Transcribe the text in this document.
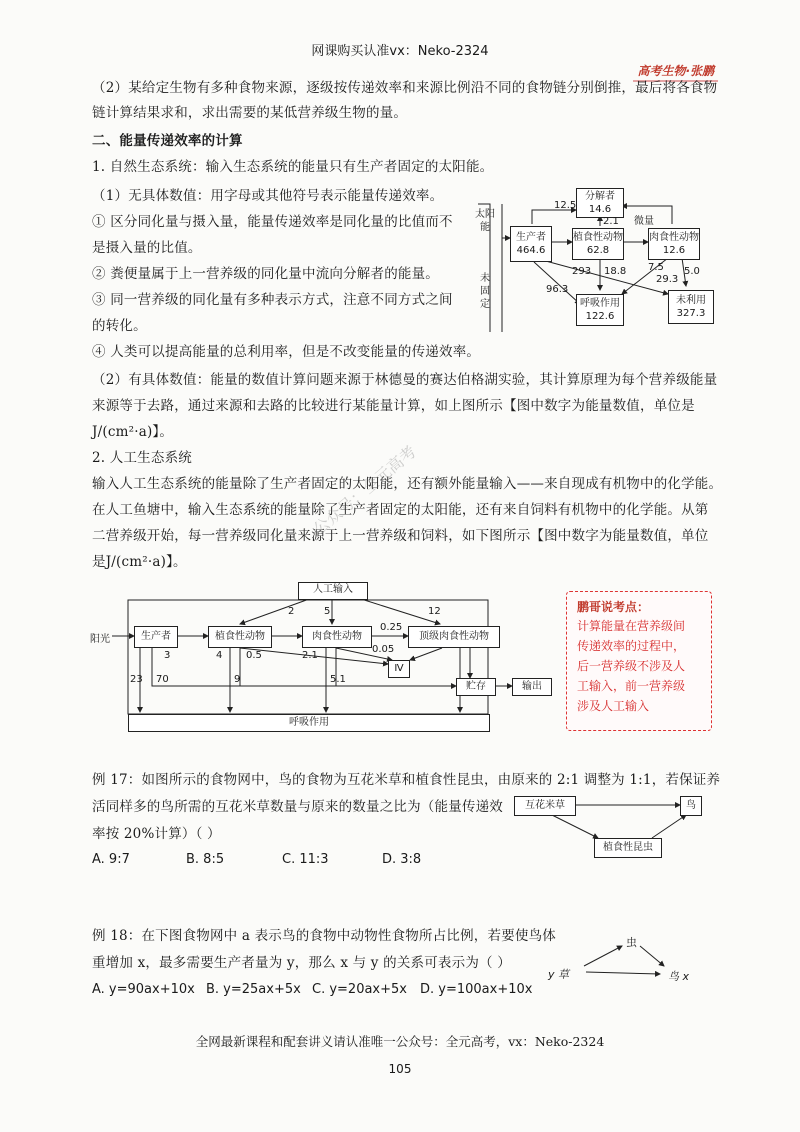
网课购买认准vx：Neko-2324
高考生物·张鹏
（2）某给定生物有多种食物来源，逐级按传递效率和来源比例沿不同的食物链分别倒推，最后将各食物
链计算结果求和，求出需要的某低营养级生物的量。
二、能量传递效率的计算
1. 自然生态系统：输入生态系统的能量只有生产者固定的太阳能。
（1）无具体数值：用字母或其他符号表示能量传递效率。
① 区分同化量与摄入量，能量传递效率是同化量的比值而不
是摄入量的比值。
② 粪便量属于上一营养级的同化量中流向分解者的能量。
③ 同一营养级的同化量有多种表示方式，注意不同方式之间
的转化。
④ 人类可以提高能量的总利用率，但是不改变能量的传递效率。
太阳能
未固定
生产者
464.6
分解者
14.6
植食性动物
62.8
肉食性动物
12.6
呼吸作用
122.6
未利用
327.3
12.5
2.1 微量
293 18.8
96.3
7.5
29.3
5.0
（2）有具体数值：能量的数值计算问题来源于林德曼的赛达伯格湖实验，其计算原理为每个营养级能量
来源等于去路，通过来源和去路的比较进行某能量计算，如上图所示【图中数字为能量数值，单位是
J/(cm²·a)】。
2. 人工生态系统
输入人工生态系统的能量除了生产者固定的太阳能，还有额外能量输入——来自现成有机物中的化学能。
在人工鱼塘中，输入生态系统的能量除了生产者固定的太阳能，还有来自饲料有机物中的化学能。从第
二营养级开始，每一营养级同化量来源于上一营养级和饲料，如下图所示【图中数字为能量数值，单位
是J/(cm²·a)】。
公众号：全元高考
人工输入
阳光	生产者	植食性动物	肉食性动物	顶级肉食性动物
Ⅳ
贮存	输出
呼吸作用
2	5	12
0.25
0.05
3	4 0.5	2.1
23 70	9	5.1
鹏哥说考点：
计算能量在营养级间
传递效率的过程中，
后一营养级不涉及人
工输入，前一营养级
涉及人工输入
例 17：如图所示的食物网中，鸟的食物为互花米草和植食性昆虫，由原来的 2:1 调整为 1:1，若保证养
活同样多的鸟所需的互花米草数量与原来的数量之比为（能量传递效
率按 20%计算）（ ）
A. 9:7	B. 8:5	C. 11:3	D. 3:8
互花米草	鸟
植食性昆虫
例 18：在下图食物网中 a 表示鸟的食物中动物性食物所占比例，若要使鸟体
重增加 x，最多需要生产者量为 y，那么 x 与 y 的关系可表示为（ ）
A. y=90ax+10x B. y=25ax+5x C. y=20ax+5x D. y=100ax+10x
虫
y 草	鸟 x
全网最新课程和配套讲义请认准唯一公众号：全元高考，vx：Neko-2324
105
